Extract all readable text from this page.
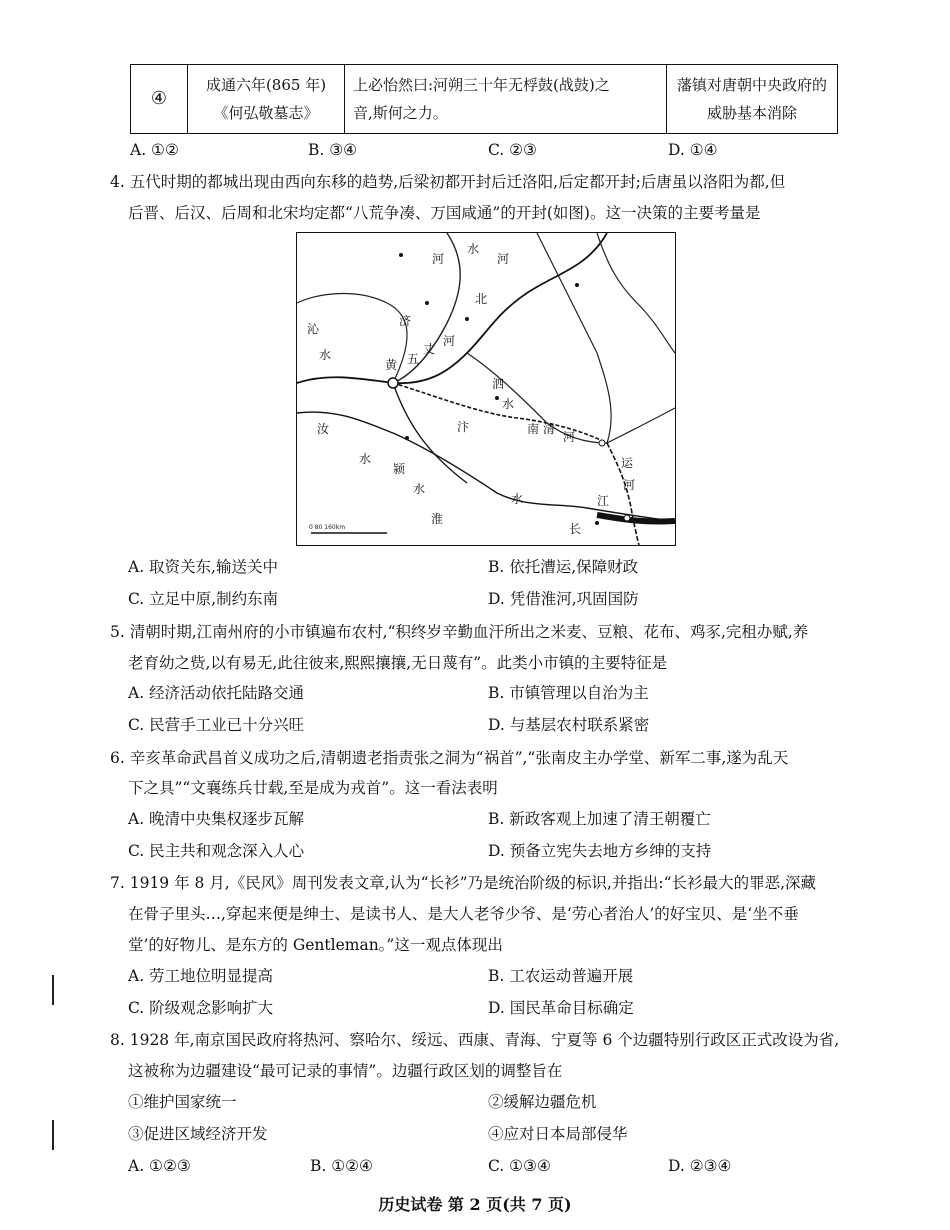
④	
成通六年(865 年)
《何弘敬墓志》

上必怡然曰:河朔三十年无桴鼓(战鼓)之
音,斯何之力。

藩镇对唐朝中央政府的
威胁基本消除
A. ①②	B. ③④	C. ②③	D. ①④
4. 五代时期的都城出现由西向东移的趋势,后梁初都开封后迁洛阳,后定都开封;后唐虽以洛阳为都,但
后晋、后汉、后周和北宋均定都“八荒争凑、万国咸通”的开封(如图)。这一决策的主要考量是
水
河
济
北
沁
水
黄 五
丈
河
汴
泗
水
南 清
河
汝
水
颍
水
淮
运
河
江
长
水
河
0 80 160km
A. 取资关东,输送关中	B. 依托漕运,保障财政
C. 立足中原,制约东南	D. 凭借淮河,巩固国防
5. 清朝时期,江南州府的小市镇遍布农村,“积终岁辛勤血汗所出之米麦、豆粮、花布、鸡豕,完租办赋,养
老育幼之赀,以有易无,此往彼来,熙熙攘攘,无日蔑有”。此类小市镇的主要特征是
A. 经济活动依托陆路交通	B. 市镇管理以自治为主
C. 民营手工业已十分兴旺	D. 与基层农村联系紧密
6. 辛亥革命武昌首义成功之后,清朝遗老指责张之洞为“祸首”,“张南皮主办学堂、新军二事,遂为乱天
下之具”“文襄练兵廿载,至是成为戎首”。这一看法表明
A. 晚清中央集权逐步瓦解	B. 新政客观上加速了清王朝覆亡
C. 民主共和观念深入人心	D. 预备立宪失去地方乡绅的支持
7. 1919 年 8 月,《民风》周刊发表文章,认为“长衫”乃是统治阶级的标识,并指出:“长衫最大的罪恶,深藏
在骨子里头…,穿起来便是绅士、是读书人、是大人老爷少爷、是‘劳心者治人’的好宝贝、是‘坐不垂
堂’的好物儿、是东方的 Gentleman。”这一观点体现出
A. 劳工地位明显提高	B. 工农运动普遍开展
C. 阶级观念影响扩大	D. 国民革命目标确定
8. 1928 年,南京国民政府将热河、察哈尔、绥远、西康、青海、宁夏等 6 个边疆特别行政区正式改设为省,
这被称为边疆建设“最可记录的事情”。边疆行政区划的调整旨在
①维护国家统一	②缓解边疆危机
③促进区域经济开发	④应对日本局部侵华
A. ①②③	B. ①②④	C. ①③④	D. ②③④
历史试卷 第 2 页(共 7 页)
